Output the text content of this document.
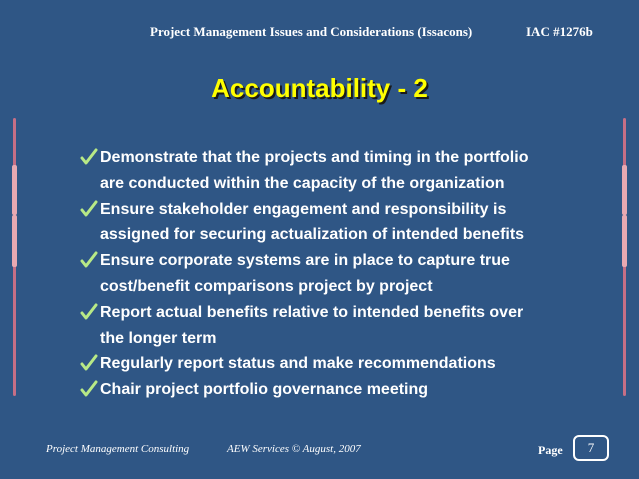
Project Management Issues and Considerations (Issacons)	IAC #1276b
Accountability - 2
Demonstrate that the projects and timing in the portfolio
are conducted within the capacity of the organization
Ensure stakeholder engagement and responsibility is
assigned for securing actualization of intended benefits
Ensure corporate systems are in place to capture true
cost/benefit comparisons project by project
Report actual benefits relative to intended benefits over
the longer term
Regularly report status and make recommendations
Chair project portfolio governance meeting
Project Management Consulting	AEW Services © August, 2007	Page	7
